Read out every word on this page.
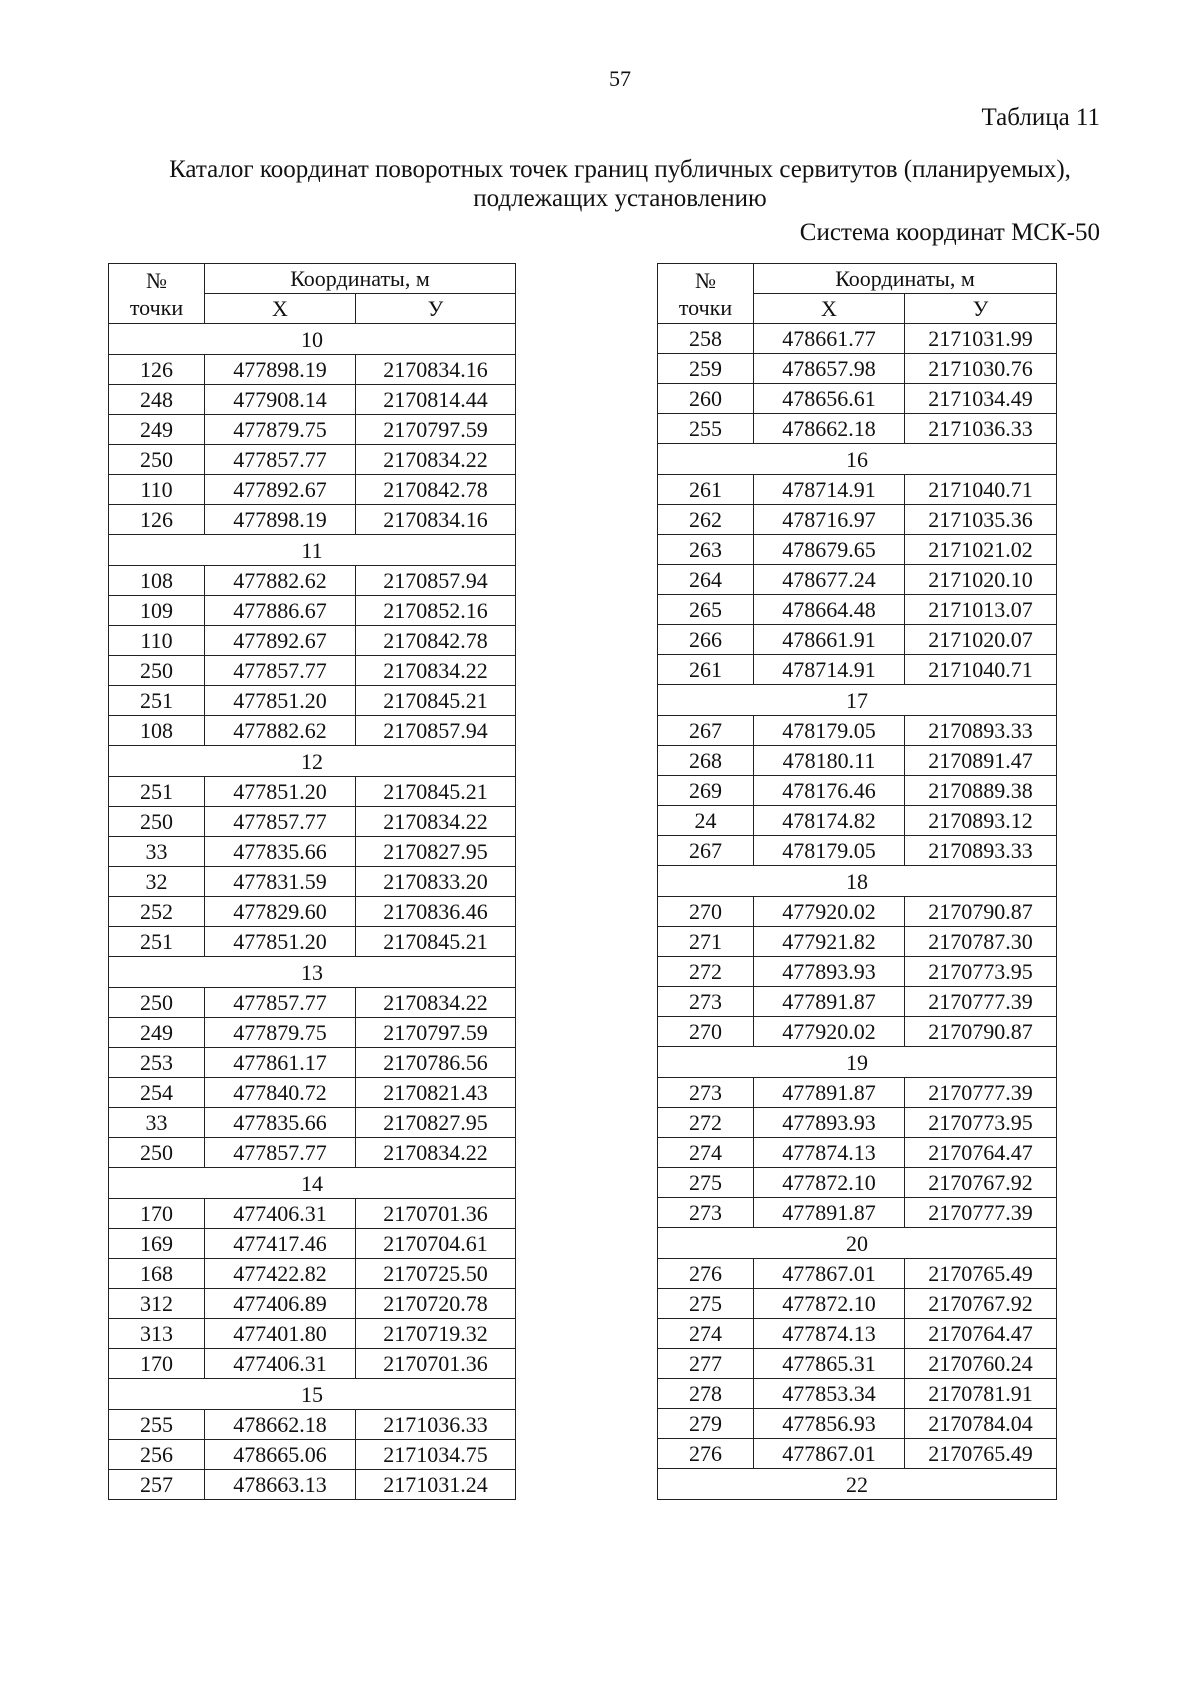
57
Таблица 11
Каталог координат поворотных точек границ публичных сервитутов (планируемых),
подлежащих установлению
Система координат МСК-50
№
точки	Координаты, м	
	Х	У
10		
126	477898.19	2170834.16
248	477908.14	2170814.44
249	477879.75	2170797.59
250	477857.77	2170834.22
110	477892.67	2170842.78
126	477898.19	2170834.16
11		
108	477882.62	2170857.94
109	477886.67	2170852.16
110	477892.67	2170842.78
250	477857.77	2170834.22
251	477851.20	2170845.21
108	477882.62	2170857.94
12		
251	477851.20	2170845.21
250	477857.77	2170834.22
33	477835.66	2170827.95
32	477831.59	2170833.20
252	477829.60	2170836.46
251	477851.20	2170845.21
13		
250	477857.77	2170834.22
249	477879.75	2170797.59
253	477861.17	2170786.56
254	477840.72	2170821.43
33	477835.66	2170827.95
250	477857.77	2170834.22
14		
170	477406.31	2170701.36
169	477417.46	2170704.61
168	477422.82	2170725.50
312	477406.89	2170720.78
313	477401.80	2170719.32
170	477406.31	2170701.36
15		
255	478662.18	2171036.33
256	478665.06	2171034.75
257	478663.13	2171031.24
№
точки	Координаты, м	
	Х	У
258	478661.77	2171031.99
259	478657.98	2171030.76
260	478656.61	2171034.49
255	478662.18	2171036.33
16		
261	478714.91	2171040.71
262	478716.97	2171035.36
263	478679.65	2171021.02
264	478677.24	2171020.10
265	478664.48	2171013.07
266	478661.91	2171020.07
261	478714.91	2171040.71
17		
267	478179.05	2170893.33
268	478180.11	2170891.47
269	478176.46	2170889.38
24	478174.82	2170893.12
267	478179.05	2170893.33
18		
270	477920.02	2170790.87
271	477921.82	2170787.30
272	477893.93	2170773.95
273	477891.87	2170777.39
270	477920.02	2170790.87
19		
273	477891.87	2170777.39
272	477893.93	2170773.95
274	477874.13	2170764.47
275	477872.10	2170767.92
273	477891.87	2170777.39
20		
276	477867.01	2170765.49
275	477872.10	2170767.92
274	477874.13	2170764.47
277	477865.31	2170760.24
278	477853.34	2170781.91
279	477856.93	2170784.04
276	477867.01	2170765.49
22		
